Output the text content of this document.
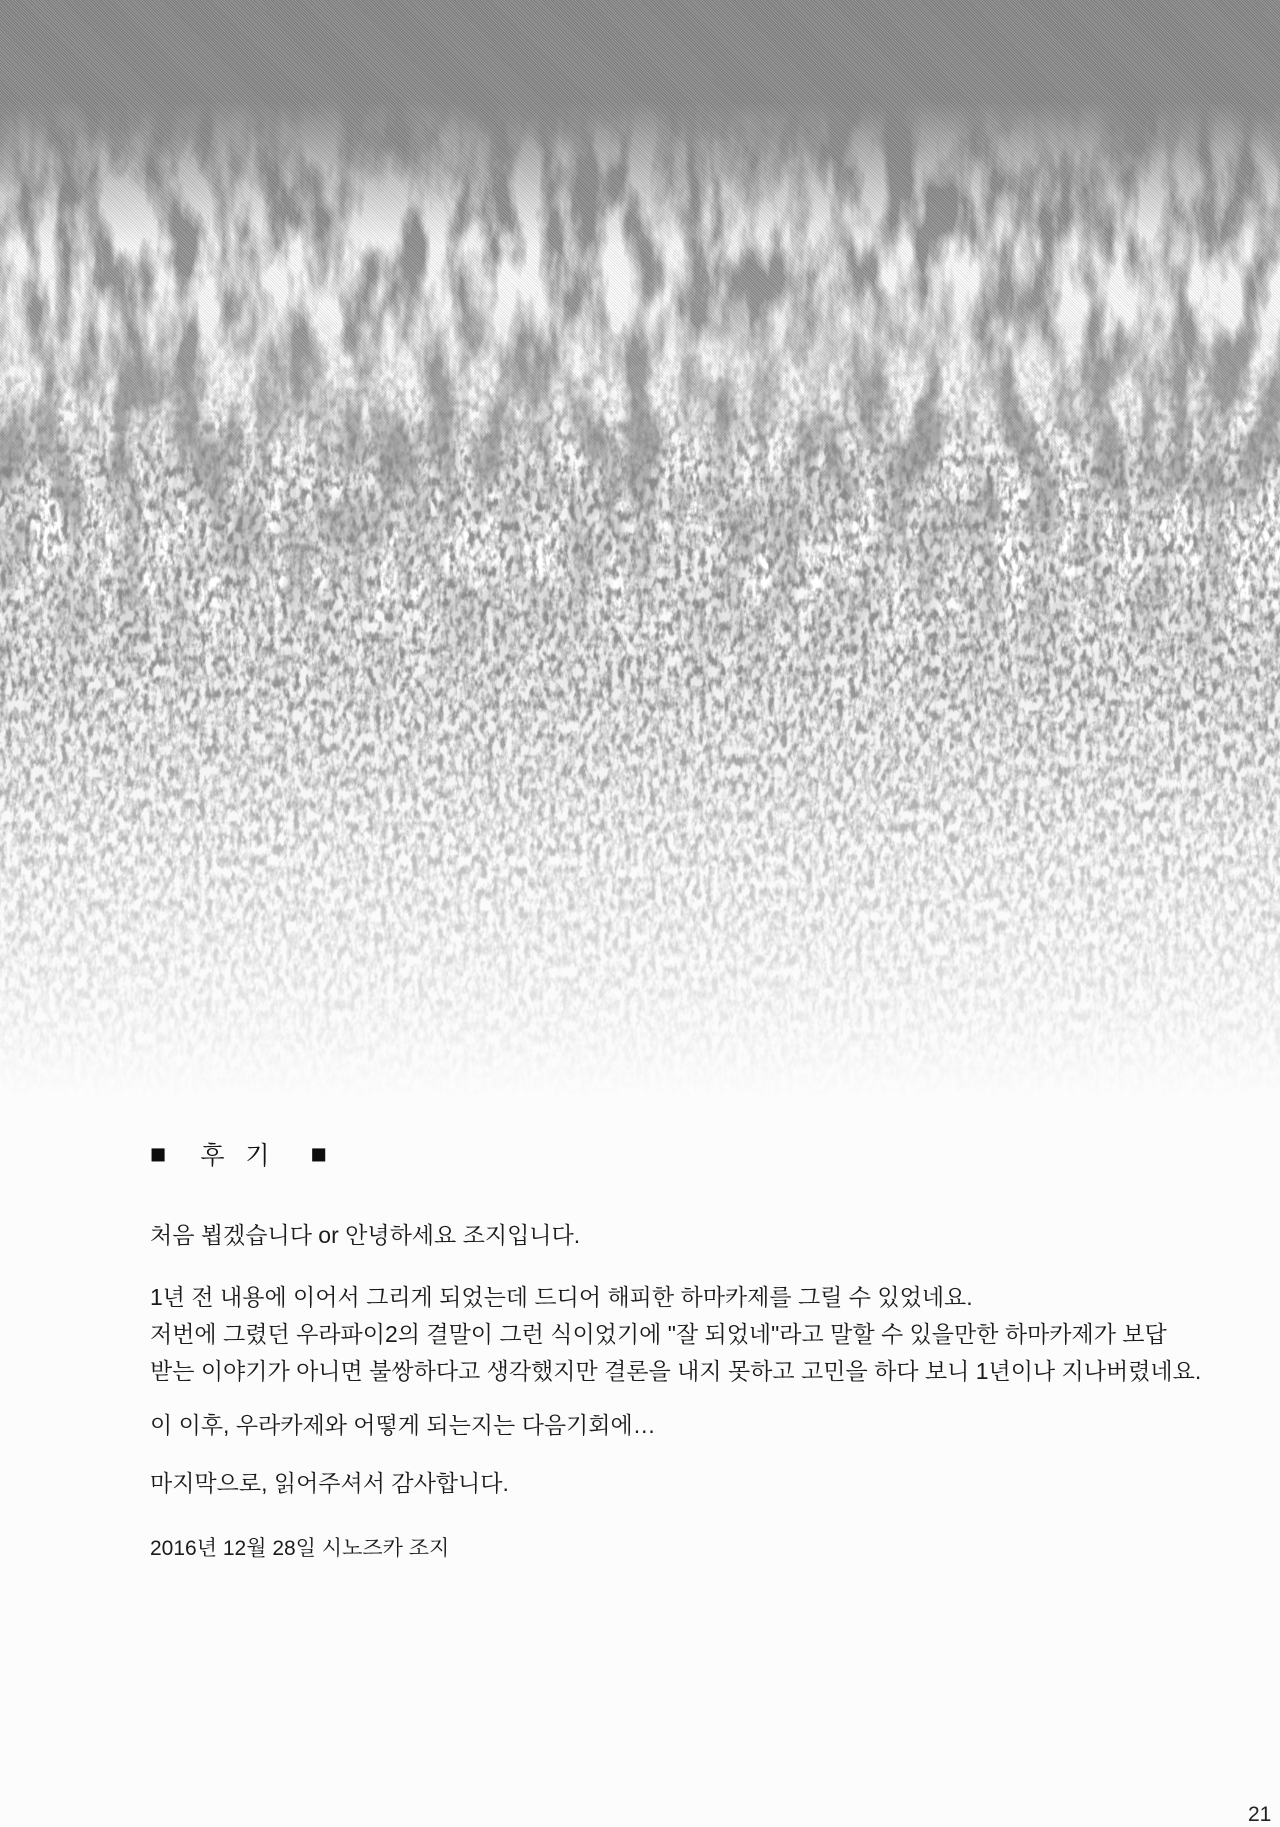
■ 후 기 ■
처음 뵙겠습니다 or 안녕하세요 조지입니다.
1년 전 내용에 이어서 그리게 되었는데 드디어 해피한 하마카제를 그릴 수 있었네요.
저번에 그렸던 우라파이2의 결말이 그런 식이었기에 "잘 되었네"라고 말할 수 있을만한 하마카제가 보답
받는 이야기가 아니면 불쌍하다고 생각했지만 결론을 내지 못하고 고민을 하다 보니 1년이나 지나버렸네요.
이 이후, 우라카제와 어떻게 되는지는 다음기회에…
마지막으로, 읽어주셔서 감사합니다.
2016년 12월 28일 시노즈카 조지
21
